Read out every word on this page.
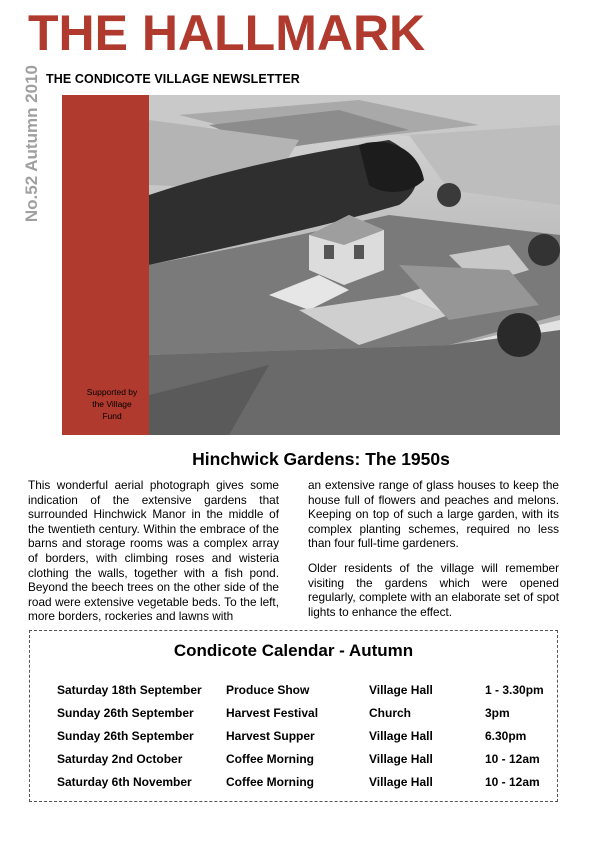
THE HALLMARK
THE CONDICOTE VILLAGE NEWSLETTER
No.52 Autumn 2010
Supported by
the Village
Fund
Hinchwick Gardens: The 1950s

This wonderful aerial photograph gives some indication of the extensive gardens that surrounded Hinchwick Manor in the middle of the twentieth century. Within the embrace of the barns and storage rooms was a complex array of borders, with climbing roses and wisteria clothing the walls, together with a fish pond. Beyond the beech trees on the other side of the road were extensive vegetable beds. To the left, more borders, rockeries and lawns with

an extensive range of glass houses to keep the house full of flowers and peaches and melons. Keeping on top of such a large garden, with its complex planting schemes, required no less than four full-time gardeners.

Older residents of the village will remember visiting the gardens which were opened regularly, complete with an elaborate set of spot lights to enhance the effect.

Condicote Calendar - Autumn
Saturday 18th September Produce Show	Village Hall	1 - 3.30pm
Sunday 26th September	Harvest Festival	Church	3pm
Sunday 26th September	Harvest Supper	Village Hall	6.30pm
Saturday 2nd October	Coffee Morning	Village Hall	10 - 12am
Saturday 6th November	Coffee Morning	Village Hall	10 - 12am
